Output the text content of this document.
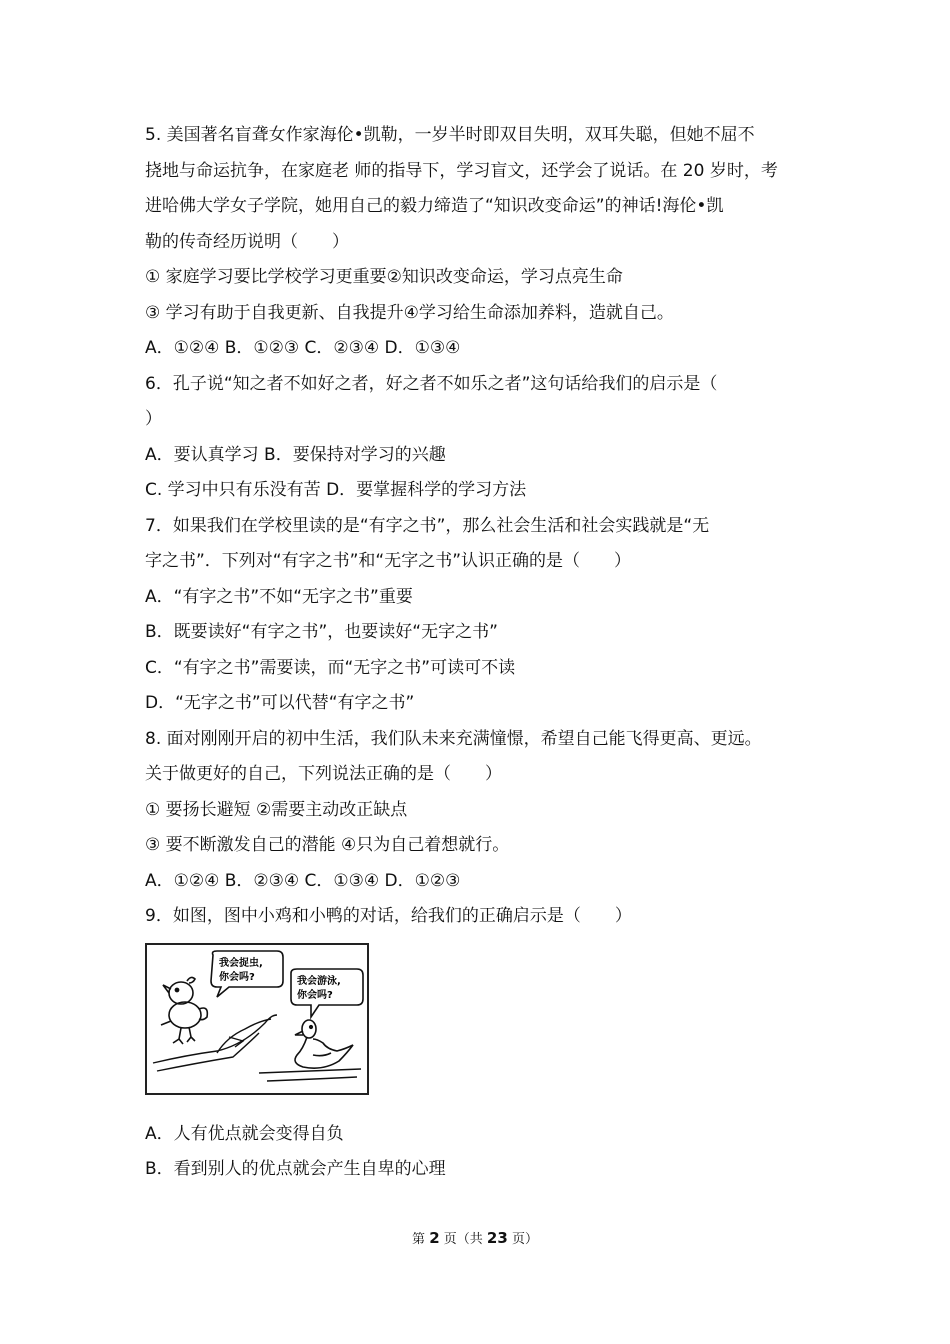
5. 美国著名盲聋女作家海伦•凯勒，一岁半时即双目失明，双耳失聪，但她不屈不
挠地与命运抗争，在家庭老 师的指导下，学习盲文，还学会了说话。在 20 岁时，考
进哈佛大学女子学院，她用自己的毅力缔造了“知识改变命运”的神话!海伦•凯
勒的传奇经历说明（　　）
① 家庭学习要比学校学习更重要②知识改变命运，学习点亮生命
③ 学习有助于自我更新、自我提升④学习给生命添加养料，造就自己。
A．①②④ B．①②③ C．②③④ D．①③④
6．孔子说“知之者不如好之者，好之者不如乐之者”这句话给我们的启示是（
）
A．要认真学习 B．要保持对学习的兴趣
C. 学习中只有乐没有苦 D．要掌握科学的学习方法
7．如果我们在学校里读的是“有字之书”，那么社会生活和社会实践就是“无
字之书”．下列对“有字之书”和“无字之书”认识正确的是（　　）
A．“有字之书”不如“无字之书”重要
B．既要读好“有字之书”，也要读好“无字之书”
C．“有字之书”需要读，而“无字之书”可读可不读
D．“无字之书”可以代替“有字之书”
8. 面对刚刚开启的初中生活，我们队未来充满憧憬，希望自己能飞得更高、更远。
关于做更好的自己，下列说法正确的是（　　）
① 要扬长避短 ②需要主动改正缺点
③ 要不断激发自己的潜能 ④只为自己着想就行。
A．①②④ B．②③④ C．①③④ D．①②③
9．如图，图中小鸡和小鸭的对话，给我们的正确启示是（　　）
我会捉虫,
你会吗?	我会游泳,
你会吗?
A．人有优点就会变得自负
B．看到别人的优点就会产生自卑的心理
第 2 页（共 23 页）
